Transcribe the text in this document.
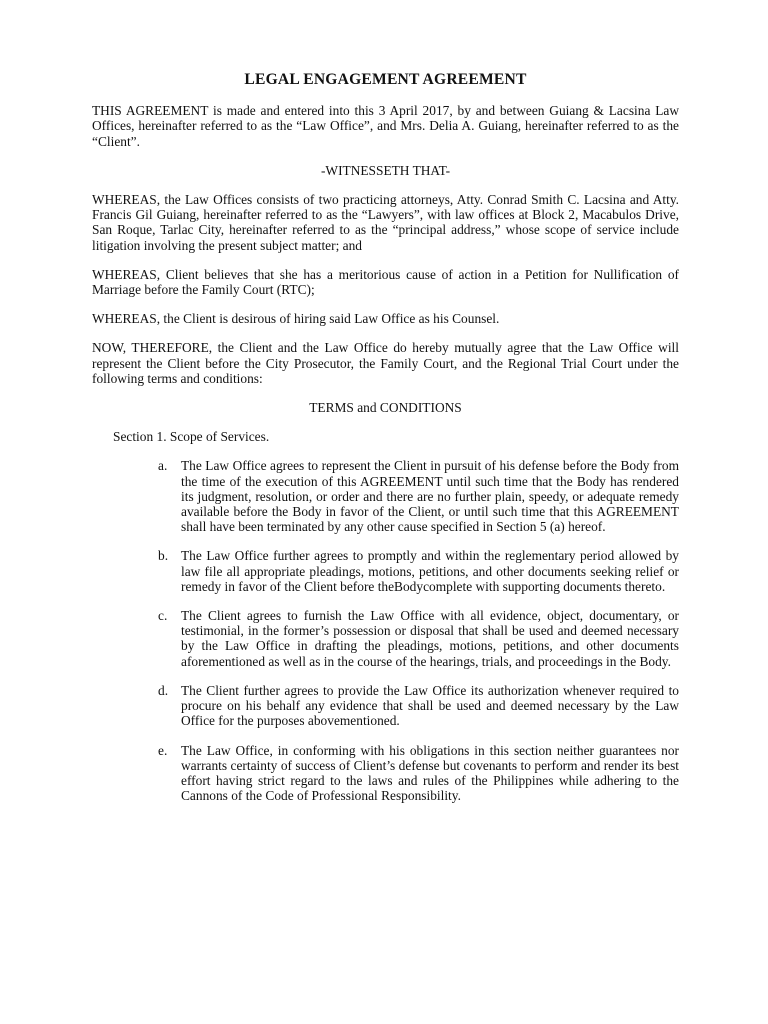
LEGAL ENGAGEMENT AGREEMENT

THIS AGREEMENT is made and entered into this 3 April 2017, by and between Guiang & Lacsina Law Offices, hereinafter referred to as the “Law Office”, and Mrs. Delia A. Guiang, hereinafter referred to as the “Client”.

-WITNESSETH THAT-

WHEREAS, the Law Offices consists of two practicing attorneys, Atty. Conrad Smith C. Lacsina and Atty. Francis Gil Guiang, hereinafter referred to as the “Lawyers”, with law offices at Block 2, Macabulos Drive, San Roque, Tarlac City, hereinafter referred to as the “principal address,” whose scope of service include litigation involving the present subject matter; and

WHEREAS, Client believes that she has a meritorious cause of action in a Petition for Nullification of Marriage before the Family Court (RTC);

WHEREAS, the Client is desirous of hiring said Law Office as his Counsel.

NOW, THEREFORE, the Client and the Law Office do hereby mutually agree that the Law Office will represent the Client before the City Prosecutor, the Family Court, and the Regional Trial Court under the following terms and conditions:

TERMS and CONDITIONS

Section 1. Scope of Services.

a. The Law Office agrees to represent the Client in pursuit of his defense before the Body from the time of the execution of this AGREEMENT until such time that the Body has rendered its judgment, resolution, or order and there are no further plain, speedy, or adequate remedy available before the Body in favor of the Client, or until such time that this AGREEMENT shall have been terminated by any other cause specified in Section 5 (a) hereof.
b. The Law Office further agrees to promptly and within the reglementary period allowed by law file all appropriate pleadings, motions, petitions, and other documents seeking relief or remedy in favor of the Client before theBodycomplete with supporting documents thereto.
c. The Client agrees to furnish the Law Office with all evidence, object, documentary, or testimonial, in the former’s possession or disposal that shall be used and deemed necessary by the Law Office in drafting the pleadings, motions, petitions, and other documents aforementioned as well as in the course of the hearings, trials, and proceedings in the Body.
d. The Client further agrees to provide the Law Office its authorization whenever required to procure on his behalf any evidence that shall be used and deemed necessary by the Law Office for the purposes abovementioned.
e. The Law Office, in conforming with his obligations in this section neither guarantees nor warrants certainty of success of Client’s defense but covenants to perform and render its best effort having strict regard to the laws and rules of the Philippines while adhering to the Cannons of the Code of Professional Responsibility.
